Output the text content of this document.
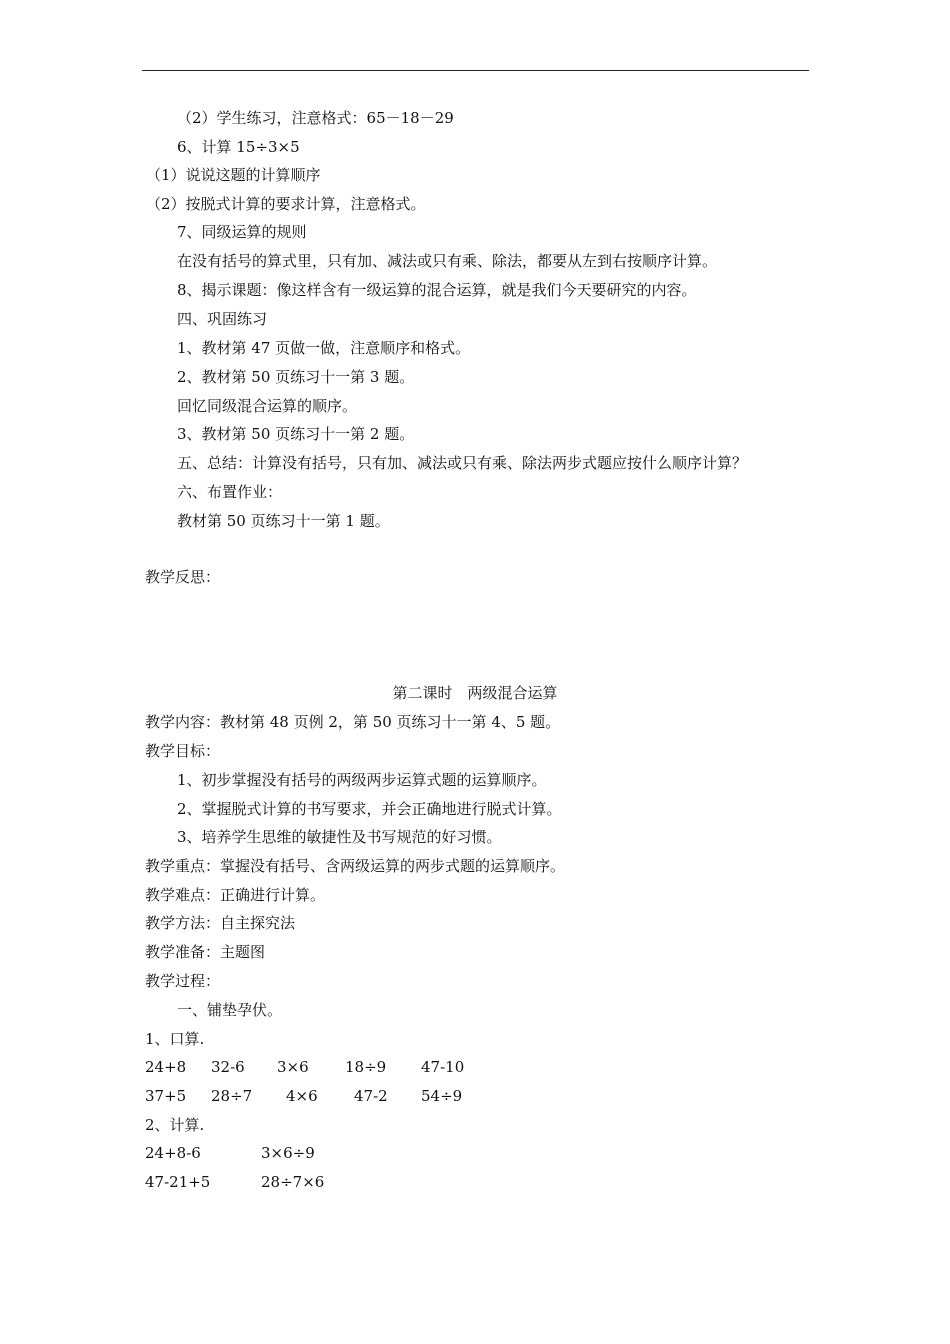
（2）学生练习，注意格式：65－18－29
6、计算 15÷3×5
（1）说说这题的计算顺序
（2）按脱式计算的要求计算，注意格式。
7、同级运算的规则
在没有括号的算式里，只有加、减法或只有乘、除法，都要从左到右按顺序计算。
8、揭示课题：像这样含有一级运算的混合运算，就是我们今天要研究的内容。
四、巩固练习
1、教材第 47 页做一做，注意顺序和格式。
2、教材第 50 页练习十一第 3 题。
回忆同级混合运算的顺序。
3、教材第 50 页练习十一第 2 题。
五、总结：计算没有括号，只有加、减法或只有乘、除法两步式题应按什么顺序计算？
六、布置作业：
教材第 50 页练习十一第 1 题。
教学反思：
第二课时　两级混合运算
教学内容：教材第 48 页例 2，第 50 页练习十一第 4、5 题。
教学目标：
1、初步掌握没有括号的两级两步运算式题的运算顺序。
2、掌握脱式计算的书写要求，并会正确地进行脱式计算。
3、培养学生思维的敏捷性及书写规范的好习惯。
教学重点：掌握没有括号、含两级运算的两步式题的运算顺序。
教学难点：正确进行计算。
教学方法：自主探究法
教学准备：主题图
教学过程：
一、铺垫孕伏。
1、口算.
24+8 32-6 3×6 18÷9 47-10
37+5 28÷7 4×6 47-2 54÷9
2、计算.
24+8-6	3×6÷9
47-21+5	28÷7×6
